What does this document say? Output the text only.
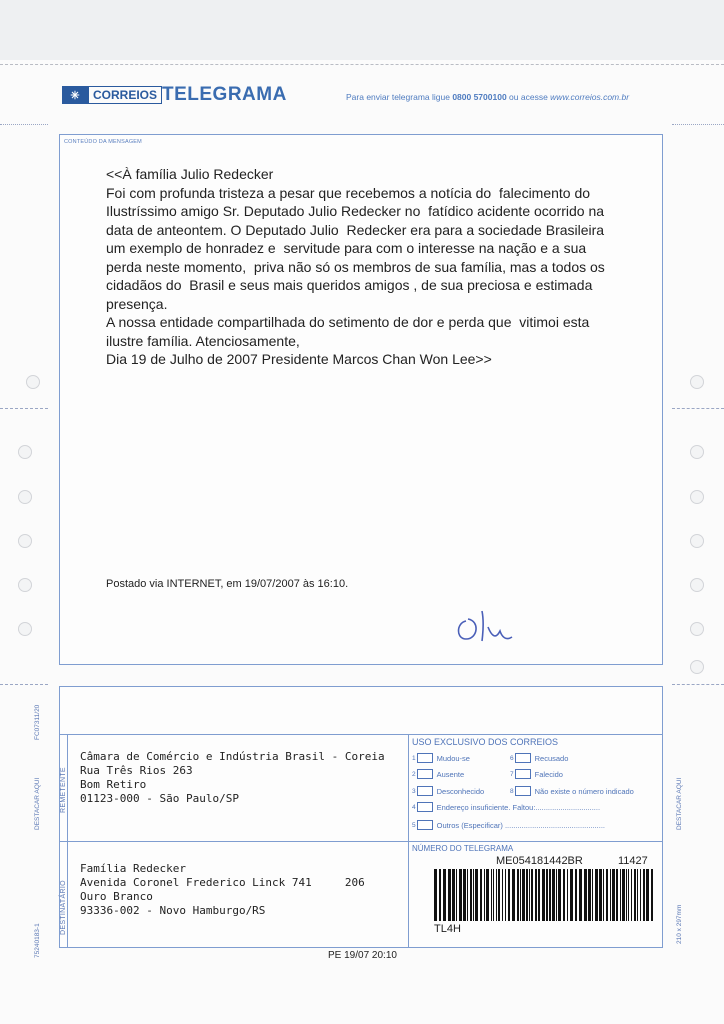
✳	CORREIOS TELEGRAMA	Para enviar telegrama ligue 0800 5700100 ou acesse www.correios.com.br
CONTEÚDO DA MENSAGEM

<<À família Julio Redecker

Foi com profunda tristeza a pesar que recebemos a notícia do  falecimento do

Ilustríssimo amigo Sr. Deputado Julio Redecker no  fatídico acidente ocorrido na

data de anteontem. O Deputado Julio  Redecker era para a sociedade Brasileira

um exemplo de honradez e  servitude para com o interesse na nação e a sua

perda neste momento,  priva não só os membros de sua família, mas a todos os

cidadãos do  Brasil e seus mais queridos amigos , de sua preciosa e estimada

presença.

A nossa entidade compartilhada do setimento de dor e perda que  vitimoi esta

ilustre família. Atenciosamente,

Dia 19 de Julho de 2007 Presidente Marcos Chan Won Lee>>

Postado via INTERNET, em 19/07/2007 às 16:10.
FC07311/20
DESTACAR AQUI
75240183-1
DESTACAR AQUI
210 x 297mm
REMETENTE
DESTINATÁRIO
Câmara de Comércio e Indústria Brasil - Coreia
Rua Três Rios 263
Bom Retiro
01123-000 - São Paulo/SP
Família Redecker
Avenida Coronel Frederico Linck 741     206
Ouro Branco
93336-002 - Novo Hamburgo/RS
USO EXCLUSIVO DOS CORREIOS
1	Mudou-se	6	Recusado
2	Ausente	7	Falecido
3	Desconhecido	8	Não existe o número indicado
4	Endereço insuficiente. Faltou:...............................
5	Outros (Especificar) ................................................
NÚMERO DO TELEGRAMA
ME054181442BR	11427
TL4H
PE 19/07 20:10
